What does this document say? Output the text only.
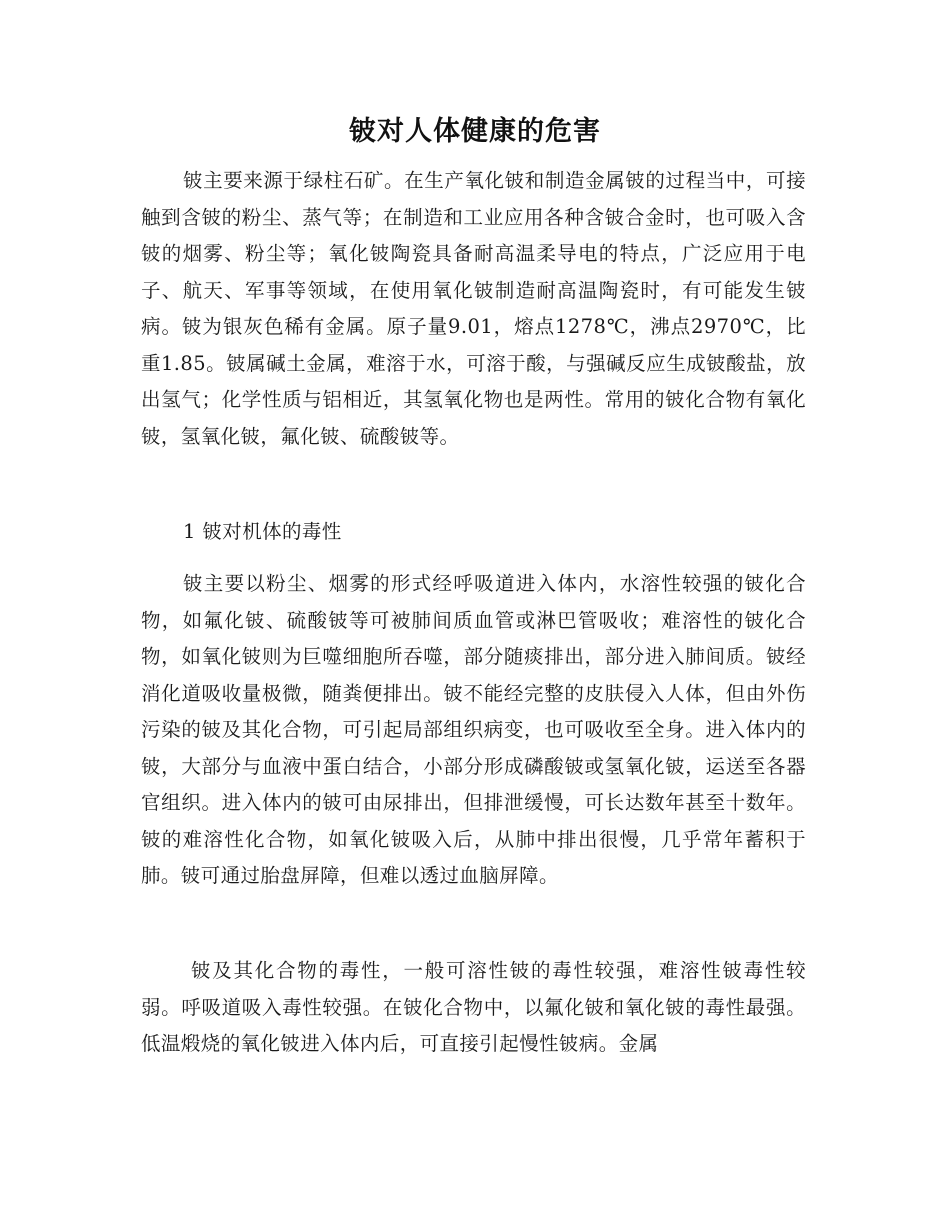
铍对人体健康的危害

铍主要来源于绿柱石矿。在生产氧化铍和制造金属铍的过程当中，可接触到含铍的粉尘、蒸气等；在制造和工业应用各种含铍合金时，也可吸入含铍的烟雾、粉尘等；氧化铍陶瓷具备耐高温柔导电的特点，广泛应用于电子、航天、军事等领域，在使用氧化铍制造耐高温陶瓷时，有可能发生铍病。铍为银灰色稀有金属。原子量9.01，熔点1278℃，沸点2970℃，比重1.85。铍属碱土金属，难溶于水，可溶于酸，与强碱反应生成铍酸盐，放出氢气；化学性质与铝相近，其氢氧化物也是两性。常用的铍化合物有氧化铍，氢氧化铍，氟化铍、硫酸铍等。

1 铍对机体的毒性

铍主要以粉尘、烟雾的形式经呼吸道进入体内，水溶性较强的铍化合物，如氟化铍、硫酸铍等可被肺间质血管或淋巴管吸收；难溶性的铍化合物，如氧化铍则为巨噬细胞所吞噬，部分随痰排出，部分进入肺间质。铍经消化道吸收量极微，随粪便排出。铍不能经完整的皮肤侵入人体，但由外伤污染的铍及其化合物，可引起局部组织病变，也可吸收至全身。进入体内的铍，大部分与血液中蛋白结合，小部分形成磷酸铍或氢氧化铍，运送至各器官组织。进入体内的铍可由尿排出，但排泄缓慢，可长达数年甚至十数年。铍的难溶性化合物，如氧化铍吸入后，从肺中排出很慢，几乎常年蓄积于肺。铍可通过胎盘屏障，但难以透过血脑屏障。

铍及其化合物的毒性，一般可溶性铍的毒性较强，难溶性铍毒性较弱。呼吸道吸入毒性较强。在铍化合物中，以氟化铍和氧化铍的毒性最强。低温煅烧的氧化铍进入体内后，可直接引起慢性铍病。金属
